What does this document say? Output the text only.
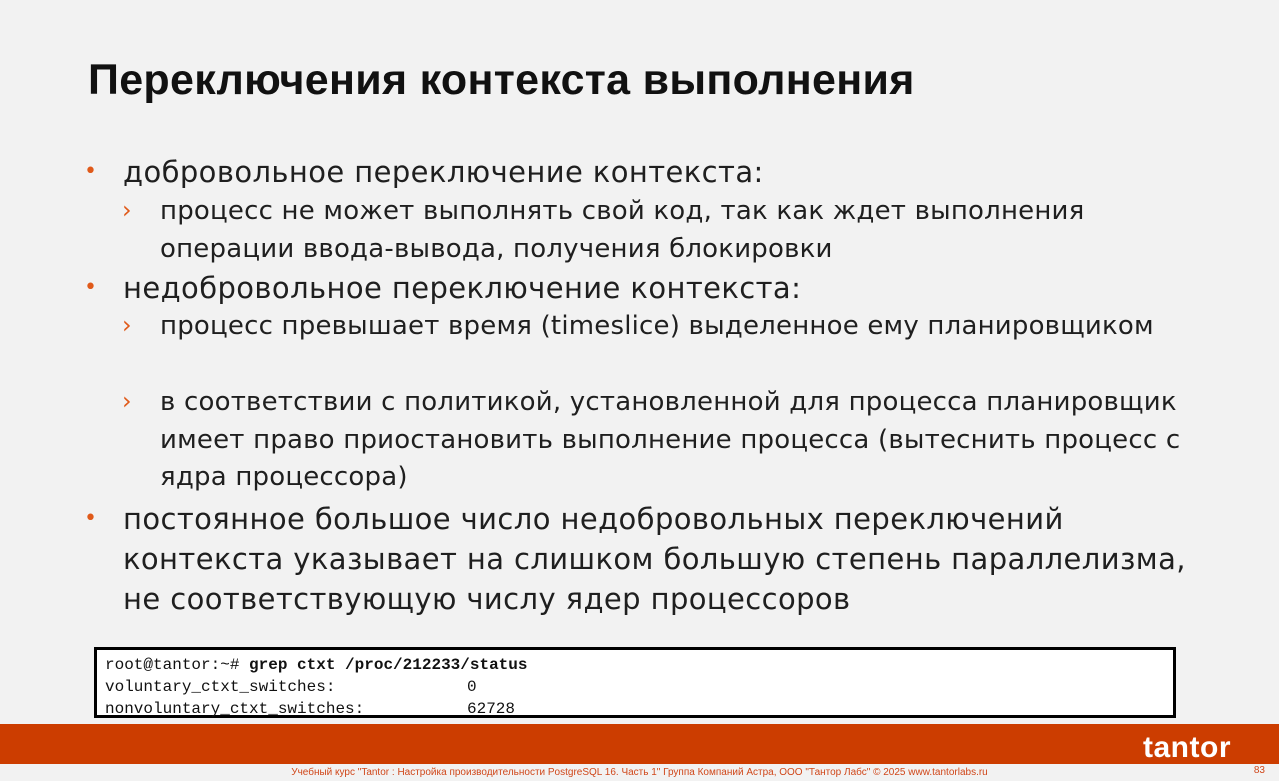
Переключения контекста выполнения
• добровольное переключение контекста:
› процесс не может выполнять свой код, так как ждет выполнения операции ввода-вывода, получения блокировки
• недобровольное переключение контекста:
› процесс превышает время (timeslice) выделенное ему планировщиком
› в соответствии с политикой, установленной для процесса планировщик имеет право приостановить выполнение процесса (вытеснить процесс с ядра процессора)
• постоянное большое число недобровольных переключений контекста указывает на слишком большую степень параллелизма, не соответствующую числу ядер процессоров
root@tantor:~# grep ctxt /proc/212233/status
voluntary_ctxt_switches:	0
nonvoluntary_ctxt_switches:	62728
tantor
Учебный курс "Tantor : Настройка производительности PostgreSQL 16. Часть 1" Группа Компаний Астра, ООО "Тантор Лабс" © 2025 www.tantorlabs.ru	83
